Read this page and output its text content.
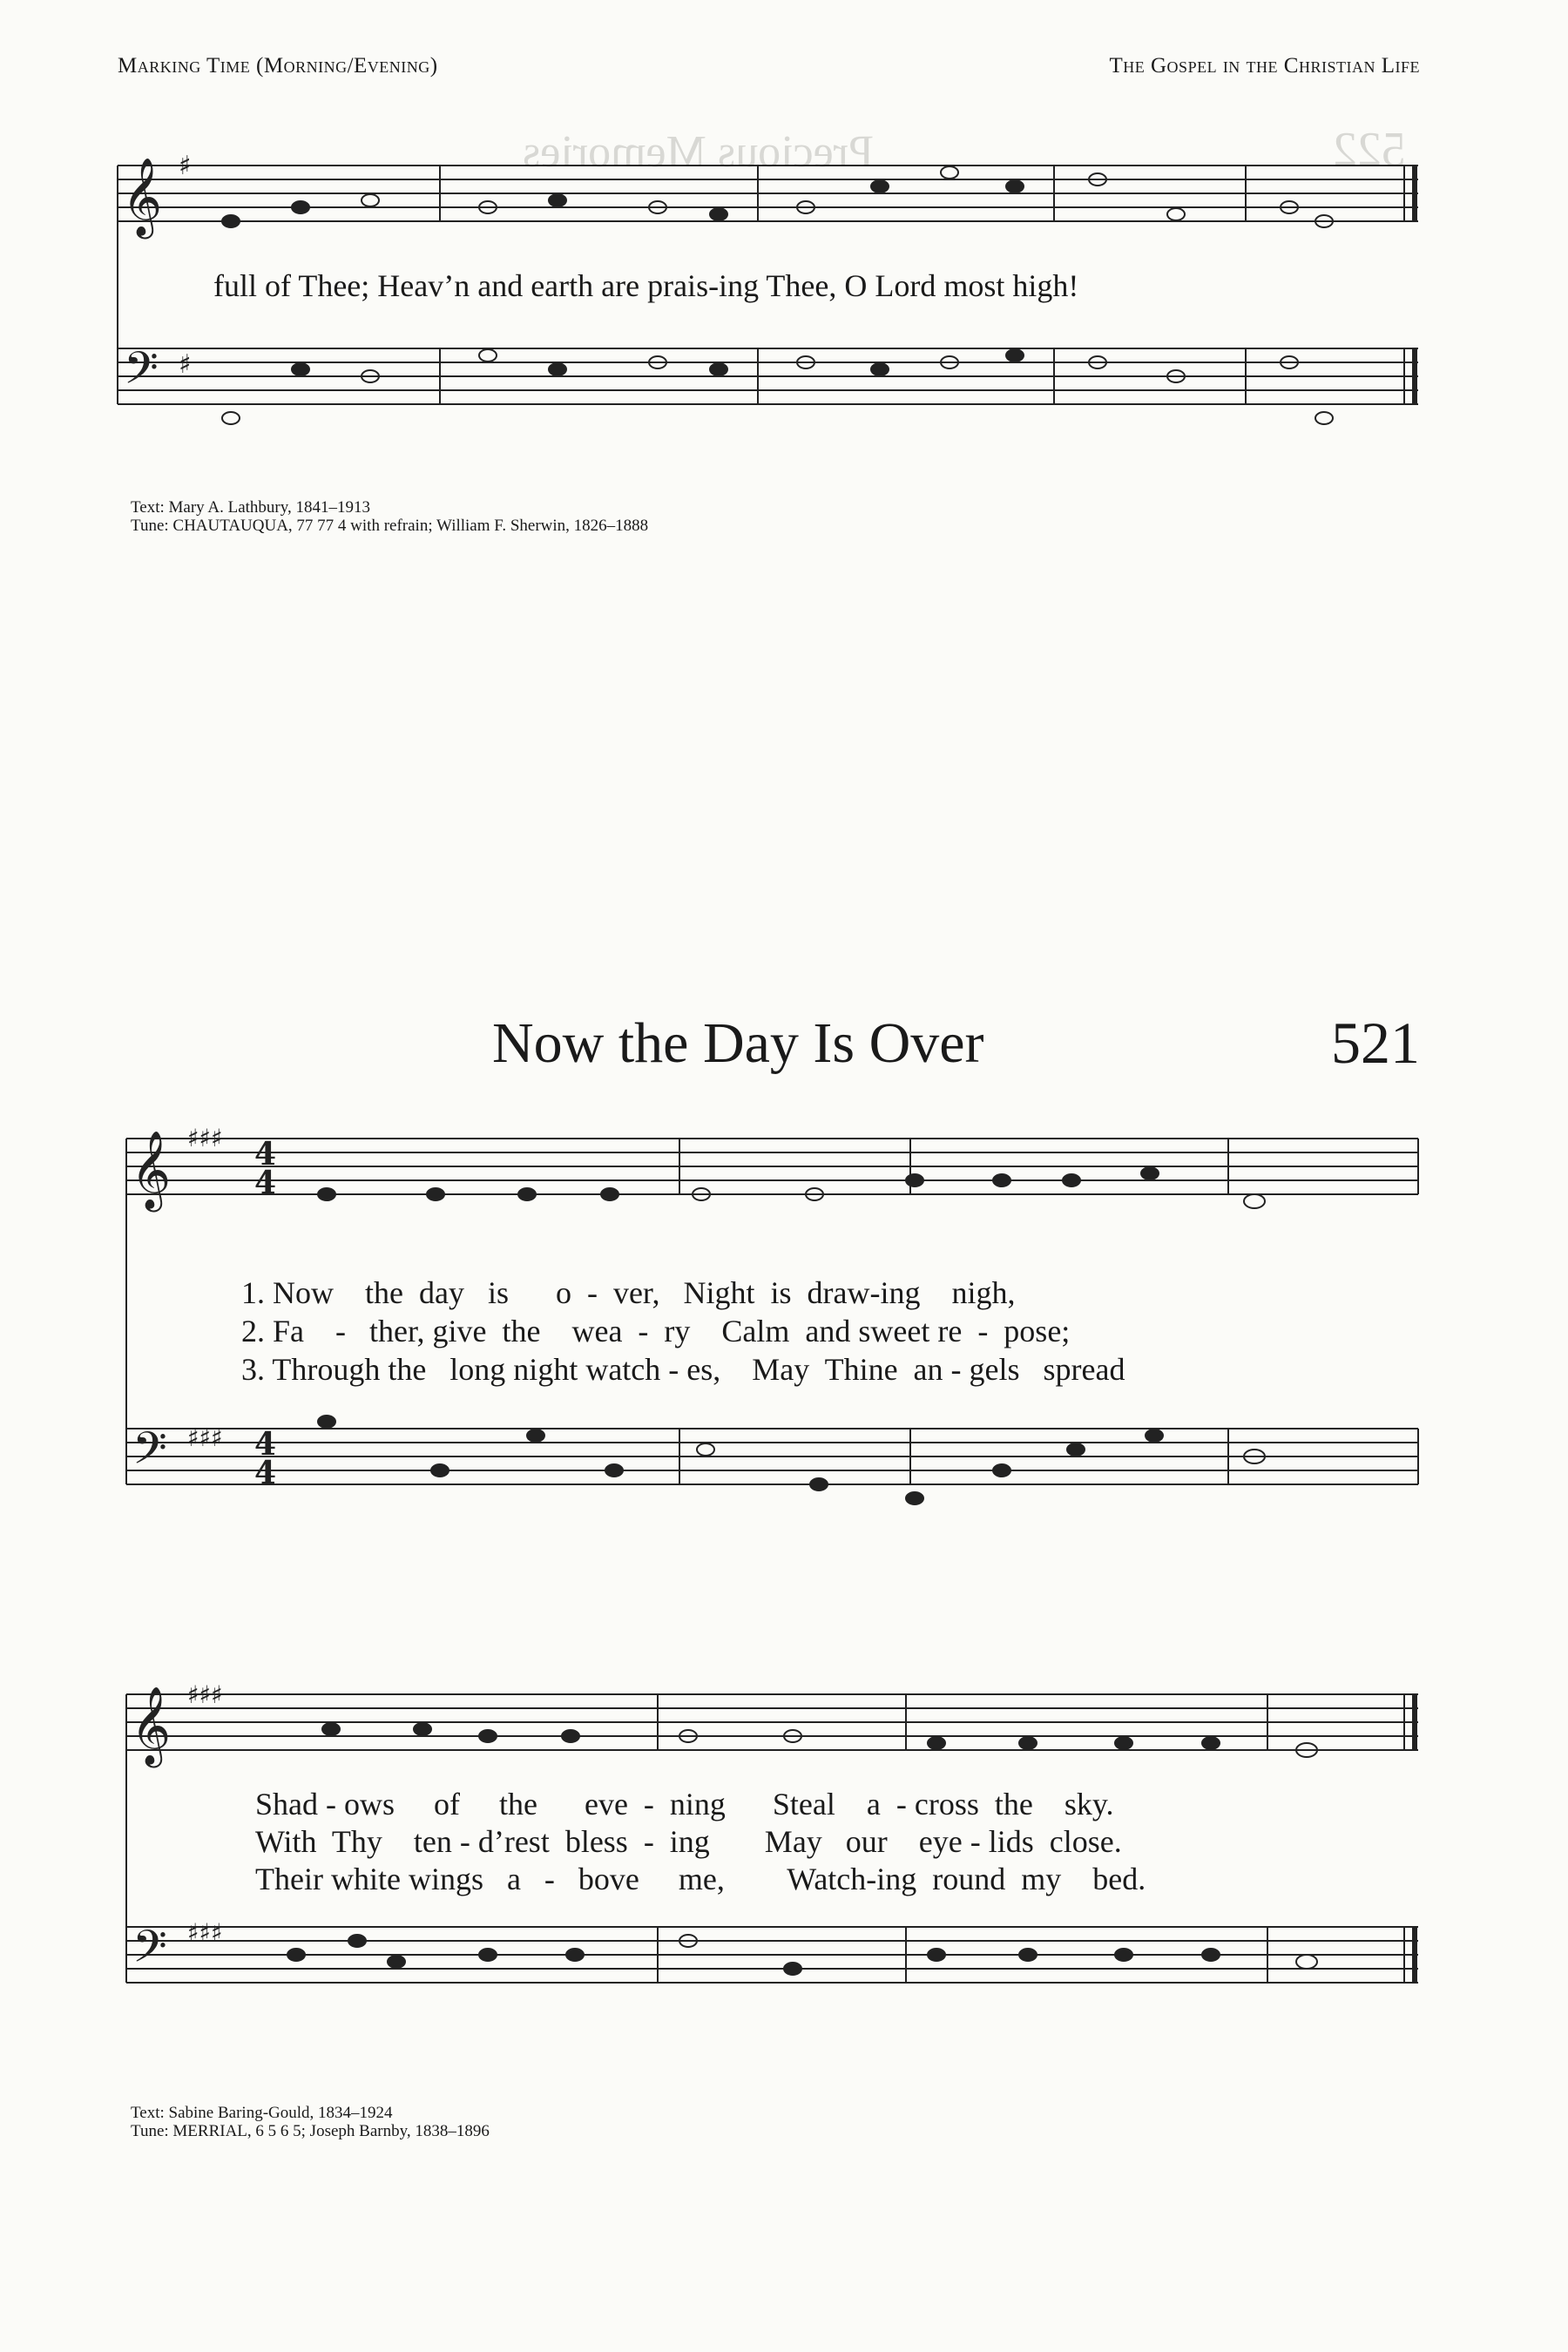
Precious Memories	522
Marking Time (Morning/Evening)	The Gospel in the Christian Life
𝄞
𝄢
𝄞
𝄢
𝄞
𝄢
♯
♯
♯♯♯
♯♯♯
♯♯♯
♯♯♯
4
4
4
4
full of Thee; Heav’n and earth are prais-ing Thee, O Lord most high!
Text: Mary A. Lathbury, 1841–1913
Tune: CHAUTAUQUA, 77 77 4 with refrain; William F. Sherwin, 1826–1888
Now the Day Is Over	521
1. Now    the  day   is      o  -  ver,   Night  is  draw-ing    nigh,
2. Fa    -   ther, give  the    wea  -  ry    Calm  and sweet re  -  pose;
3. Through the   long night watch - es,    May  Thine  an - gels   spread
Shad - ows     of     the      eve  -  ning      Steal    a  - cross  the    sky.
With  Thy    ten - d’rest  bless  -  ing       May   our    eye - lids  close.
Their white wings   a   -   bove     me,        Watch-ing  round  my    bed.
Text: Sabine Baring-Gould, 1834–1924
Tune: MERRIAL, 6 5 6 5; Joseph Barnby, 1838–1896
